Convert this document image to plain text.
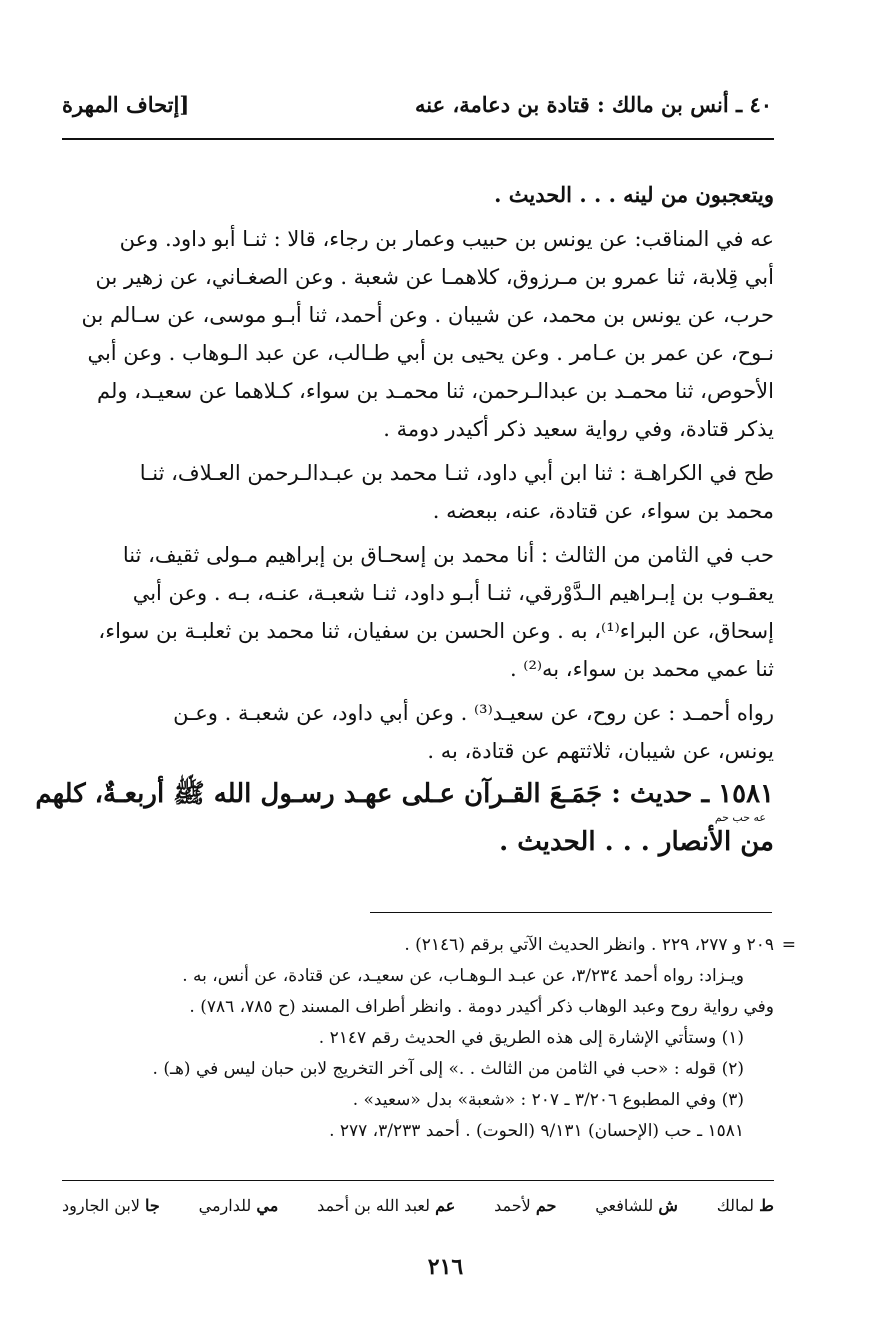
٤٠ ـ أنس بن مالك : قتادة بن دعامة، عنه
[إتحاف المهرة
ويتعجبون من لينه . . . الحديث .
عه في المناقب: عن يونس بن حبيب وعمار بن رجاء، قالا : ثنـا أبو داود. وعن
أبي قِلابة، ثنا عمرو بن مـرزوق، كلاهمـا عن شعبة . وعن الصغـاني، عن زهير بن
حرب، عن يونس بن محمد، عن شيبان . وعن أحمد، ثنا أبـو موسى، عن سـالم بن
نـوح، عن عمر بن عـامر . وعن يحيى بن أبي طـالب، عن عبد الـوهاب . وعن أبي
الأحوص، ثنا محمـد بن عبدالـرحمن، ثنا محمـد بن سواء، كـلاهما عن سعيـد، ولم
يذكر قتادة، وفي رواية سعيد ذكر أكيدر دومة .
طح في الكراهـة : ثنا ابن أبي داود، ثنـا محمد بن عبـدالـرحمن العـلاف، ثنـا
محمد بن سواء، عن قتادة، عنه، ببعضه .
حب في الثامن من الثالث : أنا محمد بن إسحـاق بن إبراهيم مـولى ثقيف، ثنا
يعقـوب بن إبـراهيم الـدَّوْرقي، ثنـا أبـو داود، ثنـا شعبـة، عنـه، بـه . وعن أبي
إسحاق، عن البراء⁽¹⁾، به . وعن الحسن بن سفيان، ثنا محمد بن ثعلبـة بن سواء،
ثنا عمي محمد بن سواء، به⁽²⁾ .
رواه أحمـد : عن روح، عن سعيـد⁽³⁾ . وعن أبي داود، عن شعبـة . وعـن
يونس، عن شيبان، ثلاثتهم عن قتادة، به .
١٥٨١ ـ حديث : جَمَـعَ القـرآن عـلى عهـد رسـول الله ﷺ أربعـةٌ، كلهم
عه حب حم
من الأنصار . . . الحديث .
=
٢٠٩ و ٢٧٧، ٢٢٩ . وانظر الحديث الآتي برقم (٢١٤٦) .
ويـزاد: رواه أحمد ٣/٢٣٤، عن عبـد الـوهـاب، عن سعيـد، عن قتادة، عن أنس، به .
وفي رواية روح وعبد الوهاب ذكر أكيدر دومة . وانظر أطراف المسند (ح ٧٨٥، ٧٨٦) .
(١) وستأتي الإشارة إلى هذه الطريق في الحديث رقم ٢١٤٧ .
(٢) قوله : «حب في الثامن من الثالث . .» إلى آخر التخريج لابن حبان ليس في (هـ) .
(٣) وفي المطبوع ٣/٢٠٦ ـ ٢٠٧ : «شعبة» بدل «سعيد» .
١٥٨١ ـ حب (الإحسان) ٩/١٣١ (الحوت) . أحمد ٣/٢٣٣، ٢٧٧ .
ط لمالك
ش للشافعي
حم لأحمد
عم لعبد الله بن أحمد
مي للدارمي
جا لابن الجارود
٢١٦
